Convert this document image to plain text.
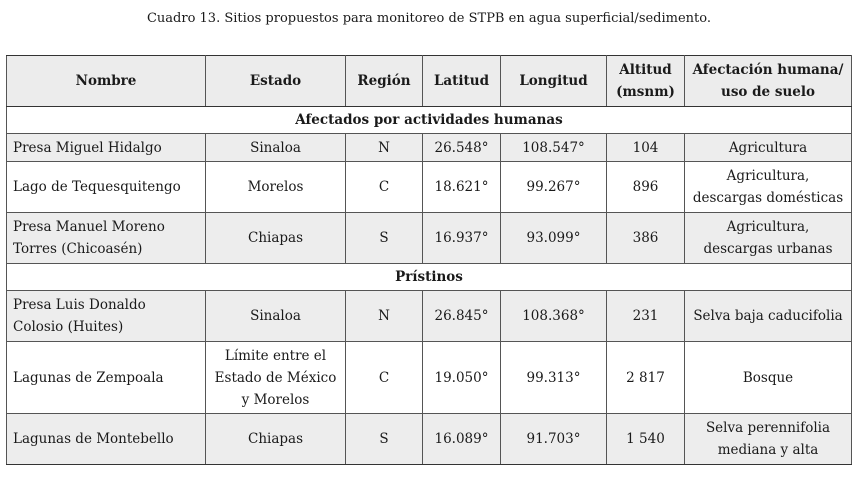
Cuadro 13. Sitios propuestos para monitoreo de STPB en agua superficial/sedimento.
Nombre	Estado	Región	Latitud	Longitud	Altitud (msnm)	Afectación humana/ uso de suelo
Afectados por actividades humanas						
Presa Miguel Hidalgo	Sinaloa	N	26.548°	108.547°	104	Agricultura
Lago de Tequesquitengo	Morelos	C	18.621°	99.267°	896	Agricultura, descargas domésticas
Presa Manuel Moreno Torres (Chicoasén)	Chiapas	S	16.937°	93.099°	386	Agricultura, descargas urbanas
Prístinos						
Presa Luis Donaldo Colosio (Huites)	Sinaloa	N	26.845°	108.368°	231	Selva baja caducifolia
Lagunas de Zempoala	Límite entre el Estado de México y Morelos	C	19.050°	99.313°	2 817	Bosque
Lagunas de Montebello	Chiapas	S	16.089°	91.703°	1 540	Selva perennifolia mediana y alta
